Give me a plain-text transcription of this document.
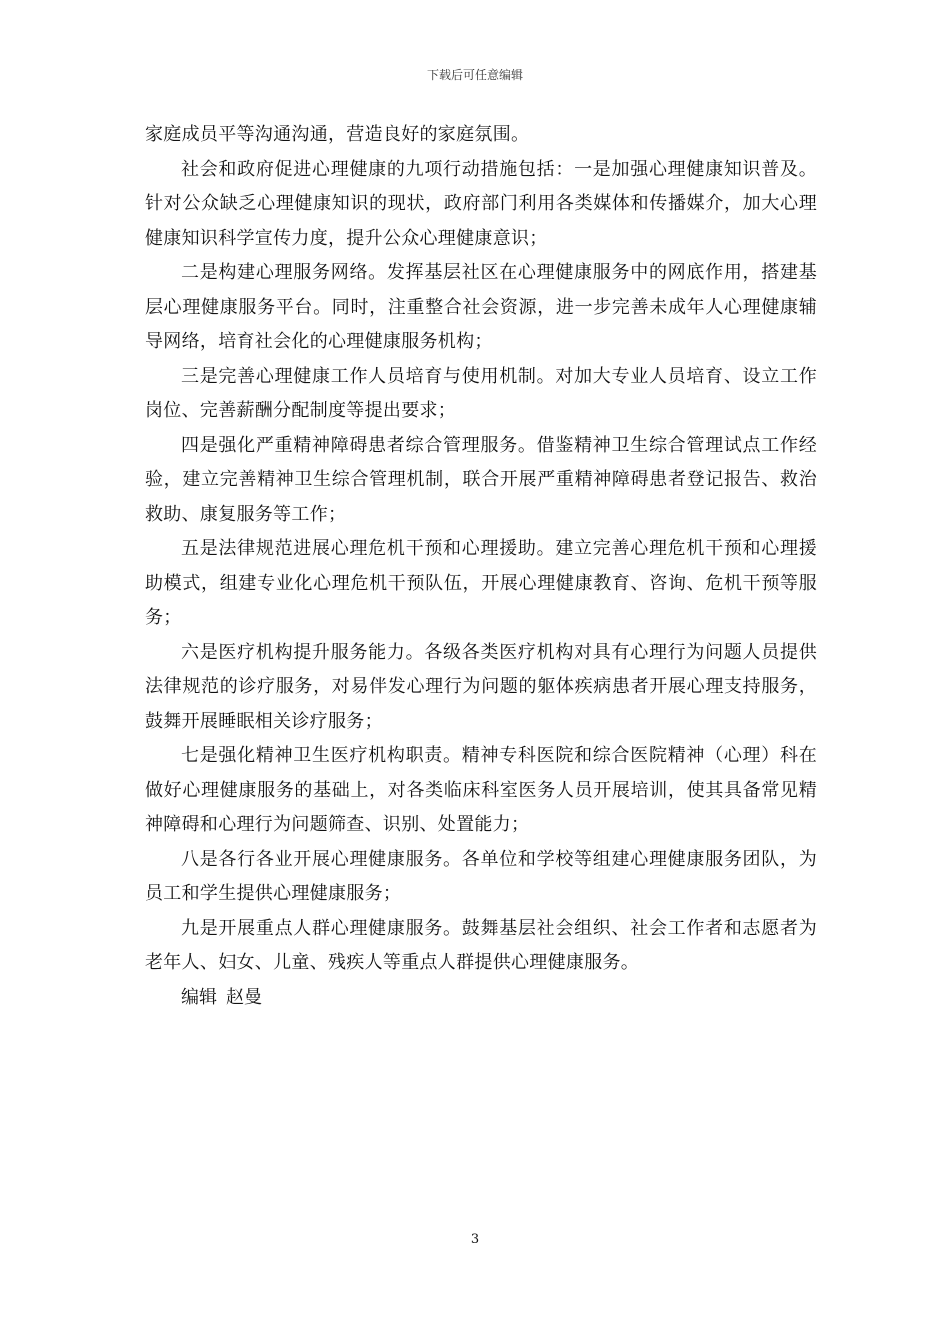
下载后可任意编辑

家庭成员平等沟通沟通，营造良好的家庭氛围。

社会和政府促进心理健康的九项行动措施包括：一是加强心理健康知识普及。针对公众缺乏心理健康知识的现状，政府部门利用各类媒体和传播媒介，加大心理健康知识科学宣传力度，提升公众心理健康意识；

二是构建心理服务网络。发挥基层社区在心理健康服务中的网底作用，搭建基层心理健康服务平台。同时，注重整合社会资源，进一步完善未成年人心理健康辅导网络，培育社会化的心理健康服务机构；

三是完善心理健康工作人员培育与使用机制。对加大专业人员培育、设立工作岗位、完善薪酬分配制度等提出要求；

四是强化严重精神障碍患者综合管理服务。借鉴精神卫生综合管理试点工作经验，建立完善精神卫生综合管理机制，联合开展严重精神障碍患者登记报告、救治救助、康复服务等工作；

五是法律规范进展心理危机干预和心理援助。建立完善心理危机干预和心理援助模式，组建专业化心理危机干预队伍，开展心理健康教育、咨询、危机干预等服务；

六是医疗机构提升服务能力。各级各类医疗机构对具有心理行为问题人员提供法律规范的诊疗服务，对易伴发心理行为问题的躯体疾病患者开展心理支持服务，鼓舞开展睡眠相关诊疗服务；

七是强化精神卫生医疗机构职责。精神专科医院和综合医院精神（心理）科在做好心理健康服务的基础上，对各类临床科室医务人员开展培训，使其具备常见精神障碍和心理行为问题筛查、识别、处置能力；

八是各行各业开展心理健康服务。各单位和学校等组建心理健康服务团队，为员工和学生提供心理健康服务；

九是开展重点人群心理健康服务。鼓舞基层社会组织、社会工作者和志愿者为老年人、妇女、儿童、残疾人等重点人群提供心理健康服务。

编辑 赵曼

3
